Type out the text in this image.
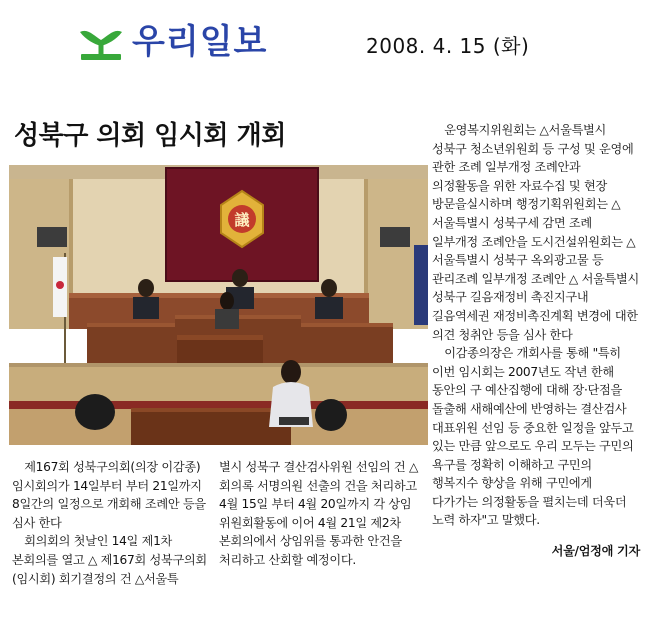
우리일보	2008. 4. 15 (화)
성북구 의회 임시회 개회
議

제167회 성북구의회(의장 이감종) 임시회의가 14일부터 부터 21일까지 8일간의 일정으로 개회해 조례안 등을 심사 한다

회의회의 첫날인 14일 제1차 본회의를 열고 △ 제167회 성북구의회(임시회) 회기결정의 건 △서울특

별시 성북구 결산검사위원 선임의 건 △ 회의록 서명의원 선출의 건을 처리하고 4월 15일 부터 4월 20일까지 각 상임 위원회활동에 이어 4월 21일 제2차 본회의에서 상임위를 통과한 안건을 처리하고 산회할 예정이다.

운영복지위원회는 △서울특별시 성북구 청소년위원회 등 구성 및 운영에 관한 조례 일부개정 조례안과 의정활동을 위한 자료수집 및 현장 방문을실시하며 행정기획위원회는 △ 서울특별시 성북구세 감면 조례 일부개정 조례안을 도시건설위원회는 △ 서울특별시 성북구 옥외광고물 등 관리조례 일부개정 조례안 △ 서울특별시 성북구 길음재정비 촉진지구내 길음역세권 재정비촉진계획 변경에 대한 의견 청취안 등을 심사 한다

이감종의장은 개회사를 통해 "특히 이번 임시회는 2007년도 작년 한해 동안의 구 예산집행에 대해 장·단점을 돌출해 새해예산에 반영하는 결산검사 대표위원 선임 등 중요한 일정을 앞두고 있는 만큼 앞으로도 우리 모두는 구민의 욕구를 정확히 이해하고 구민의 행복지수 향상을 위해 구민에게 다가가는 의정활동을 펼치는데 더욱더 노력 하자"고 말했다.

서울/엄정애 기자
